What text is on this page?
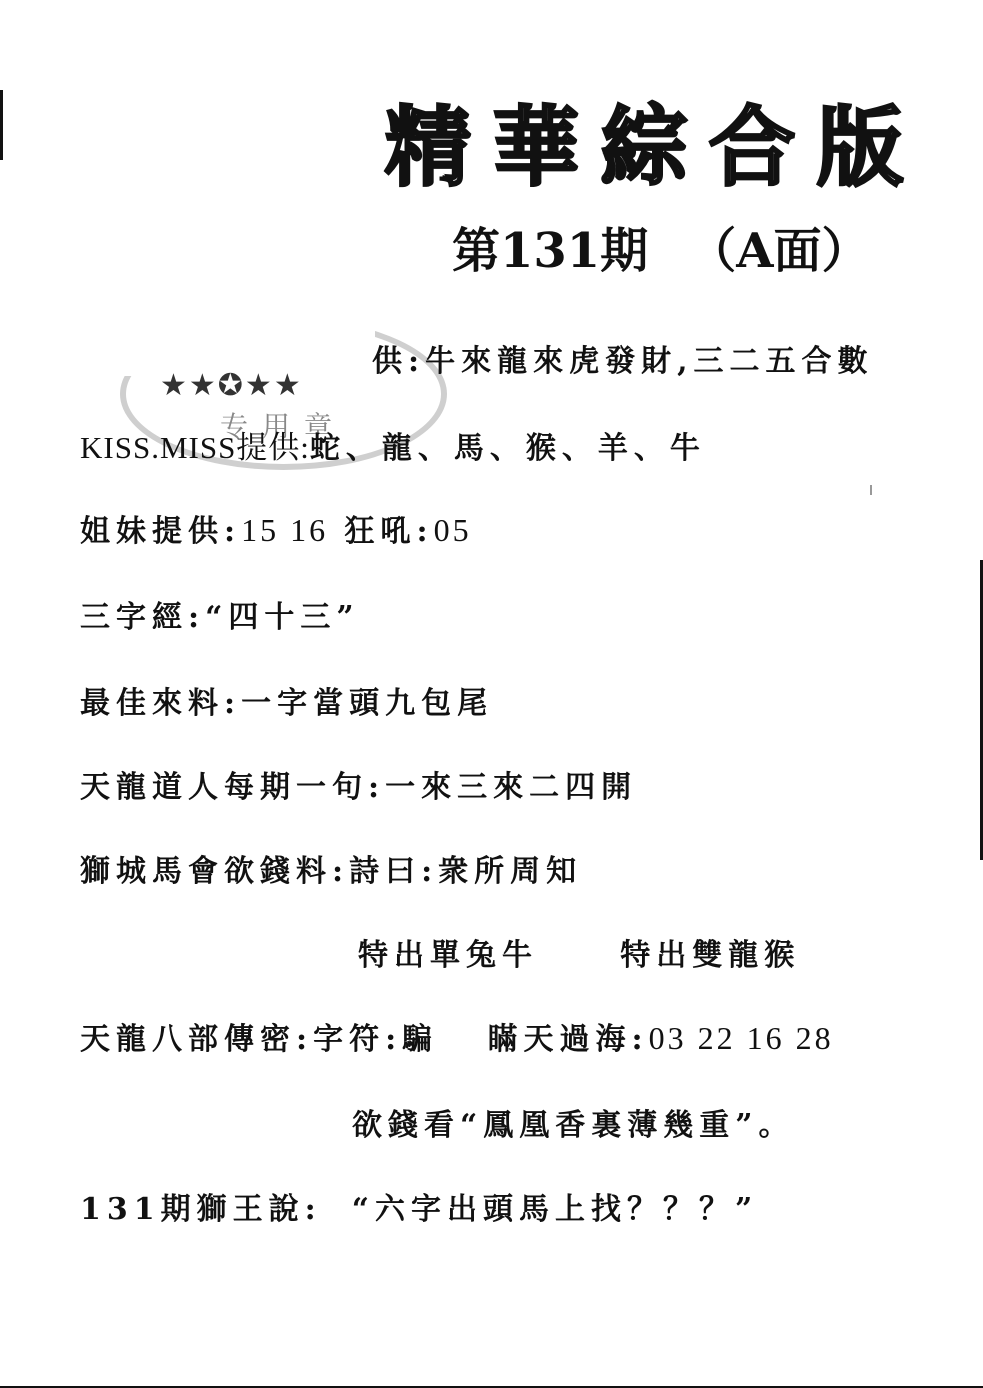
精華綜合版
第131期 （A面）
★★✪★★
专用章
供:牛來龍來虎發財,三二五合數
KISS.MISS提供:蛇、龍、馬、猴、羊、牛
姐妹提供:15 16 狂吼:05
三字經:“四十三”
最佳來料:一字當頭九包尾
天龍道人每期一句:一來三來二四開
獅城馬會欲錢料:詩曰:衆所周知
特出單兔牛     特出雙龍猴
天龍八部傳密:字符:騙   瞞天過海:03 22 16 28
欲錢看“鳳凰香裏薄幾重”。
131期獅王說: “六字出頭馬上找？？？”
